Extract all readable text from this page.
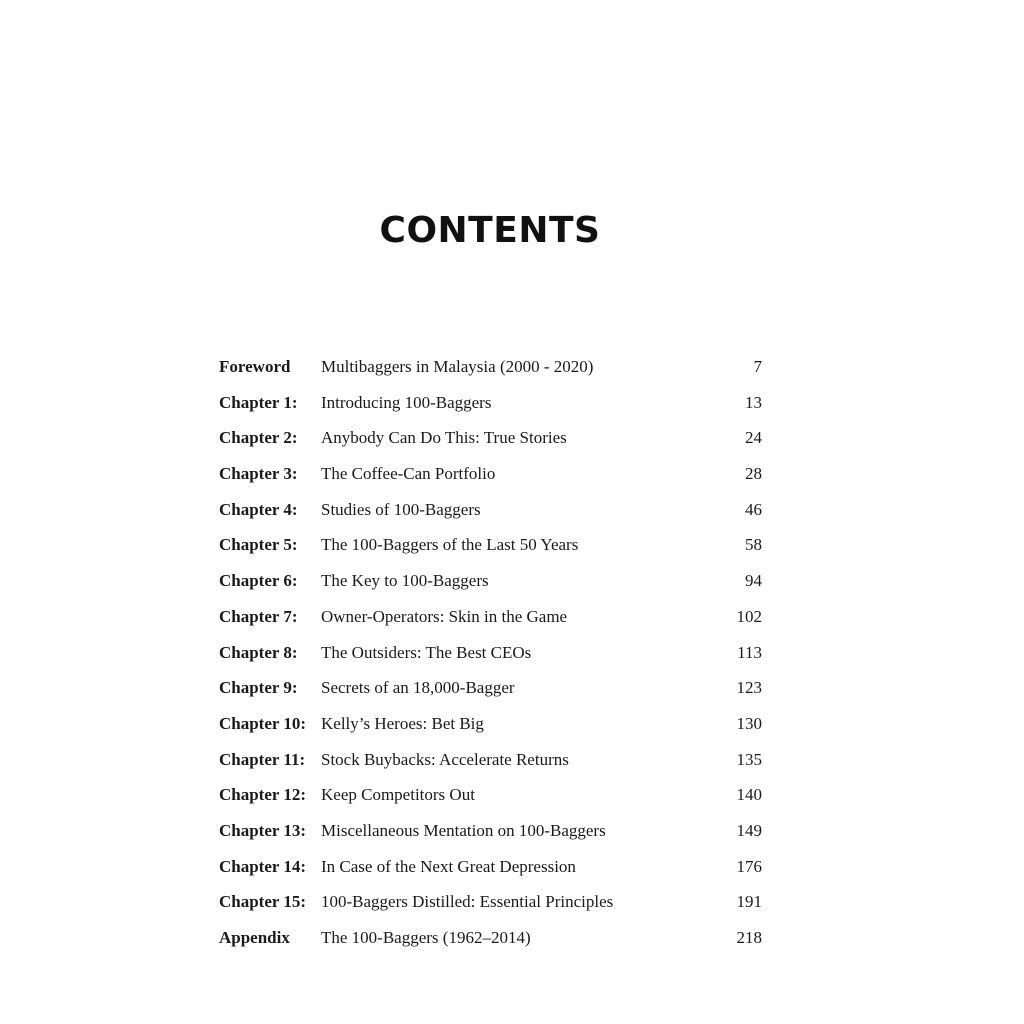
CONTENTS
Foreword	Multibaggers in Malaysia (2000 - 2020)	7
Chapter 1:	Introducing 100-Baggers	13
Chapter 2:	Anybody Can Do This: True Stories	24
Chapter 3:	The Coffee-Can Portfolio	28
Chapter 4:	Studies of 100-Baggers	46
Chapter 5:	The 100-Baggers of the Last 50 Years	58
Chapter 6:	The Key to 100-Baggers	94
Chapter 7:	Owner-Operators: Skin in the Game	102
Chapter 8:	The Outsiders: The Best CEOs	113
Chapter 9:	Secrets of an 18,000-Bagger	123
Chapter 10: Kelly’s Heroes: Bet Big	130
Chapter 11: Stock Buybacks: Accelerate Returns	135
Chapter 12: Keep Competitors Out	140
Chapter 13: Miscellaneous Mentation on 100-Baggers	149
Chapter 14: In Case of the Next Great Depression	176
Chapter 15: 100-Baggers Distilled: Essential Principles	191
Appendix	The 100-Baggers (1962–2014)	218
